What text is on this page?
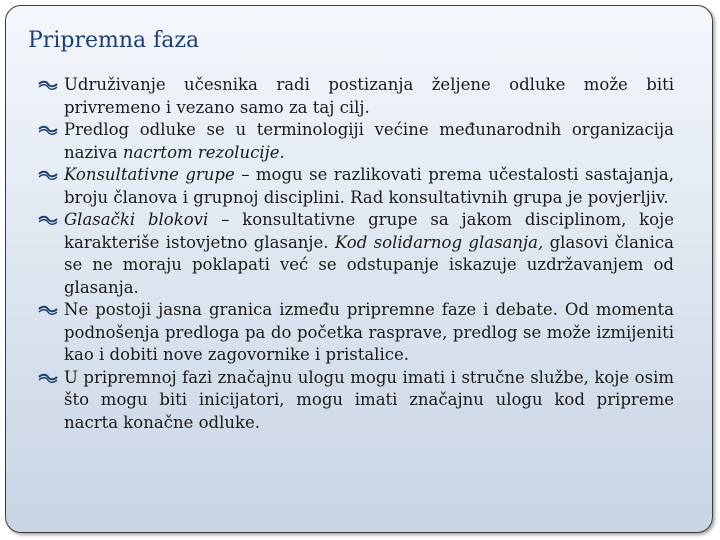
Pripremna faza
Udruživanje učesnika radi postizanja željene odluke može biti privremeno i vezano samo za taj cilj.
Predlog odluke se u terminologiji većine međunarodnih organizacija naziva nacrtom rezolucije.
Konsultativne grupe – mogu se razlikovati prema učestalosti sastajanja, broju članova i grupnoj disciplini. Rad konsultativnih grupa je povjerljiv.
Glasački blokovi – konsultativne grupe sa jakom disciplinom, koje karakteriše istovjetno glasanje. Kod solidarnog glasanja, glasovi članica se ne moraju poklapati već se odstupanje iskazuje uzdržavanjem od glasanja.
Ne postoji jasna granica između pripremne faze i debate. Od momenta podnošenja predloga pa do početka rasprave, predlog se može izmijeniti kao i dobiti nove zagovornike i pristalice.
U pripremnoj fazi značajnu ulogu mogu imati i stručne službe, koje osim što mogu biti inicijatori, mogu imati značajnu ulogu kod pripreme nacrta konačne odluke.
